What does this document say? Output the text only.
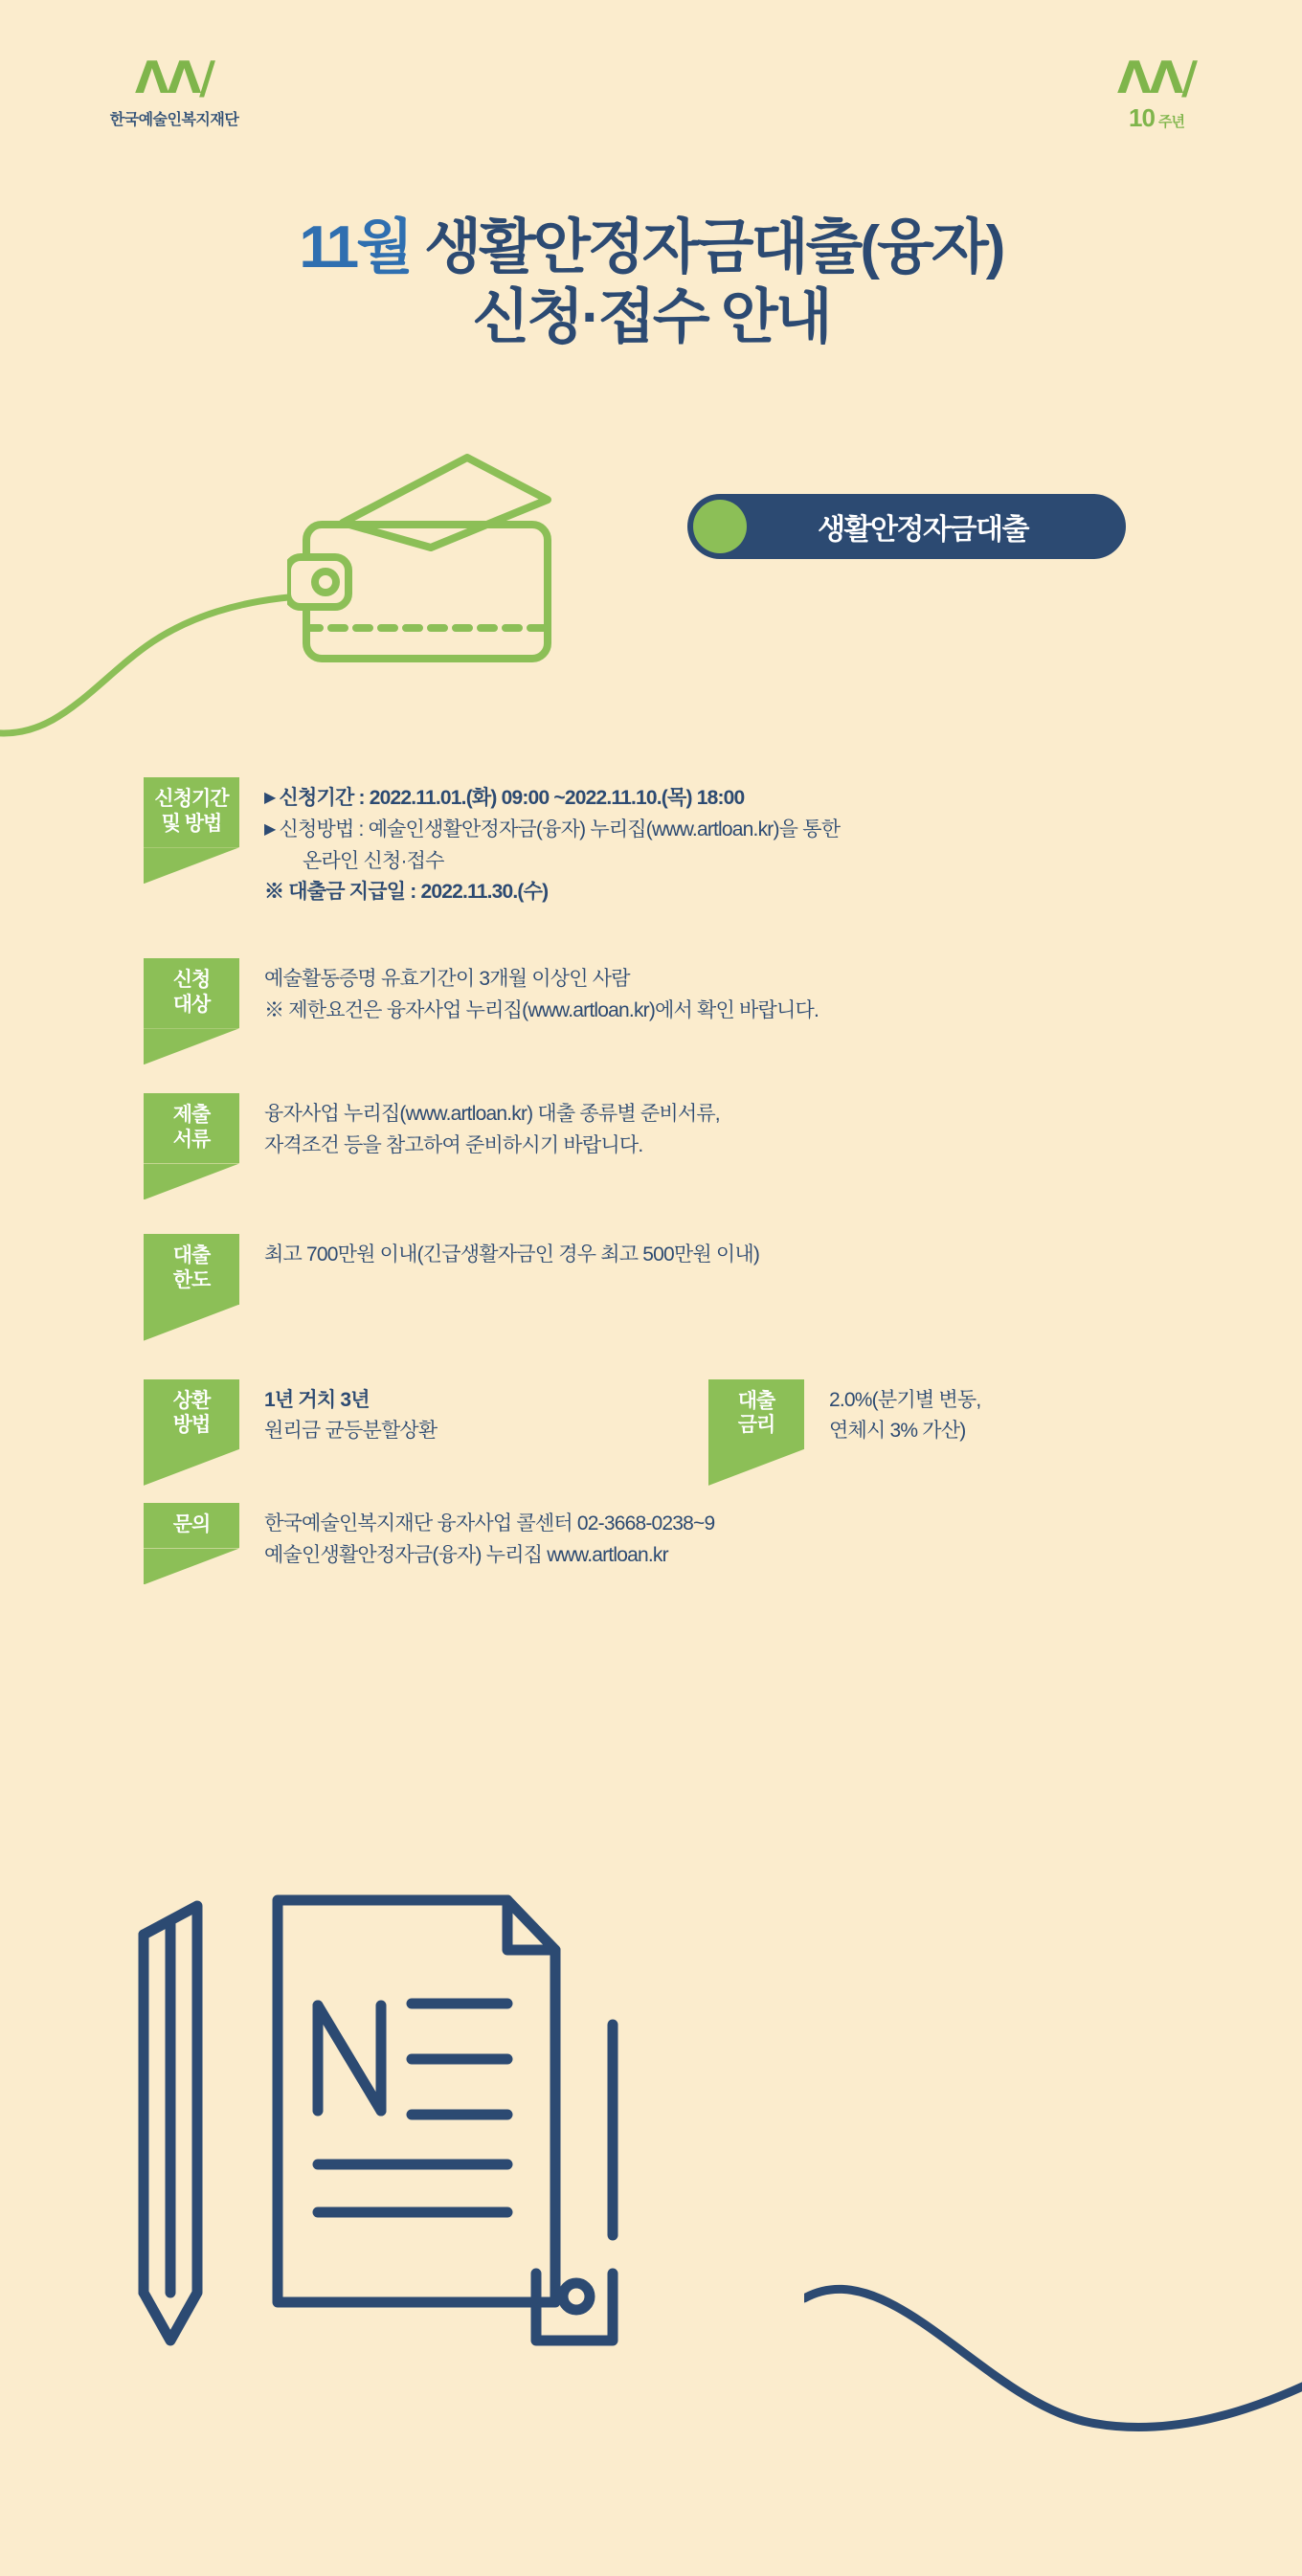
ΛΛ/
한국예술인복지재단
ΛΛ/
10 주년
11월 생활안정자금대출(융자)
신청·접수 안내
생활안정자금대출
신청기간
및 방법
▶ 신청기간 : 2022.11.01.(화) 09:00 ~2022.11.10.(목) 18:00
▶ 신청방법 : 예술인생활안정자금(융자) 누리집(www.artloan.kr)을 통한
온라인 신청·접수
※ 대출금 지급일 : 2022.11.30.(수)
신청
대상
예술활동증명 유효기간이 3개월 이상인 사람
※ 제한요건은 융자사업 누리집(www.artloan.kr)에서 확인 바랍니다.
제출
서류
융자사업 누리집(www.artloan.kr) 대출 종류별 준비서류,
자격조건 등을 참고하여 준비하시기 바랍니다.
대출
한도
최고 700만원 이내(긴급생활자금인 경우 최고 500만원 이내)
상환
방법
1년 거치 3년
원리금 균등분할상환
대출
금리
2.0%(분기별 변동,
연체시 3% 가산)
문의	한국예술인복지재단 융자사업 콜센터 02-3668-0238~9
예술인생활안정자금(융자) 누리집 www.artloan.kr
